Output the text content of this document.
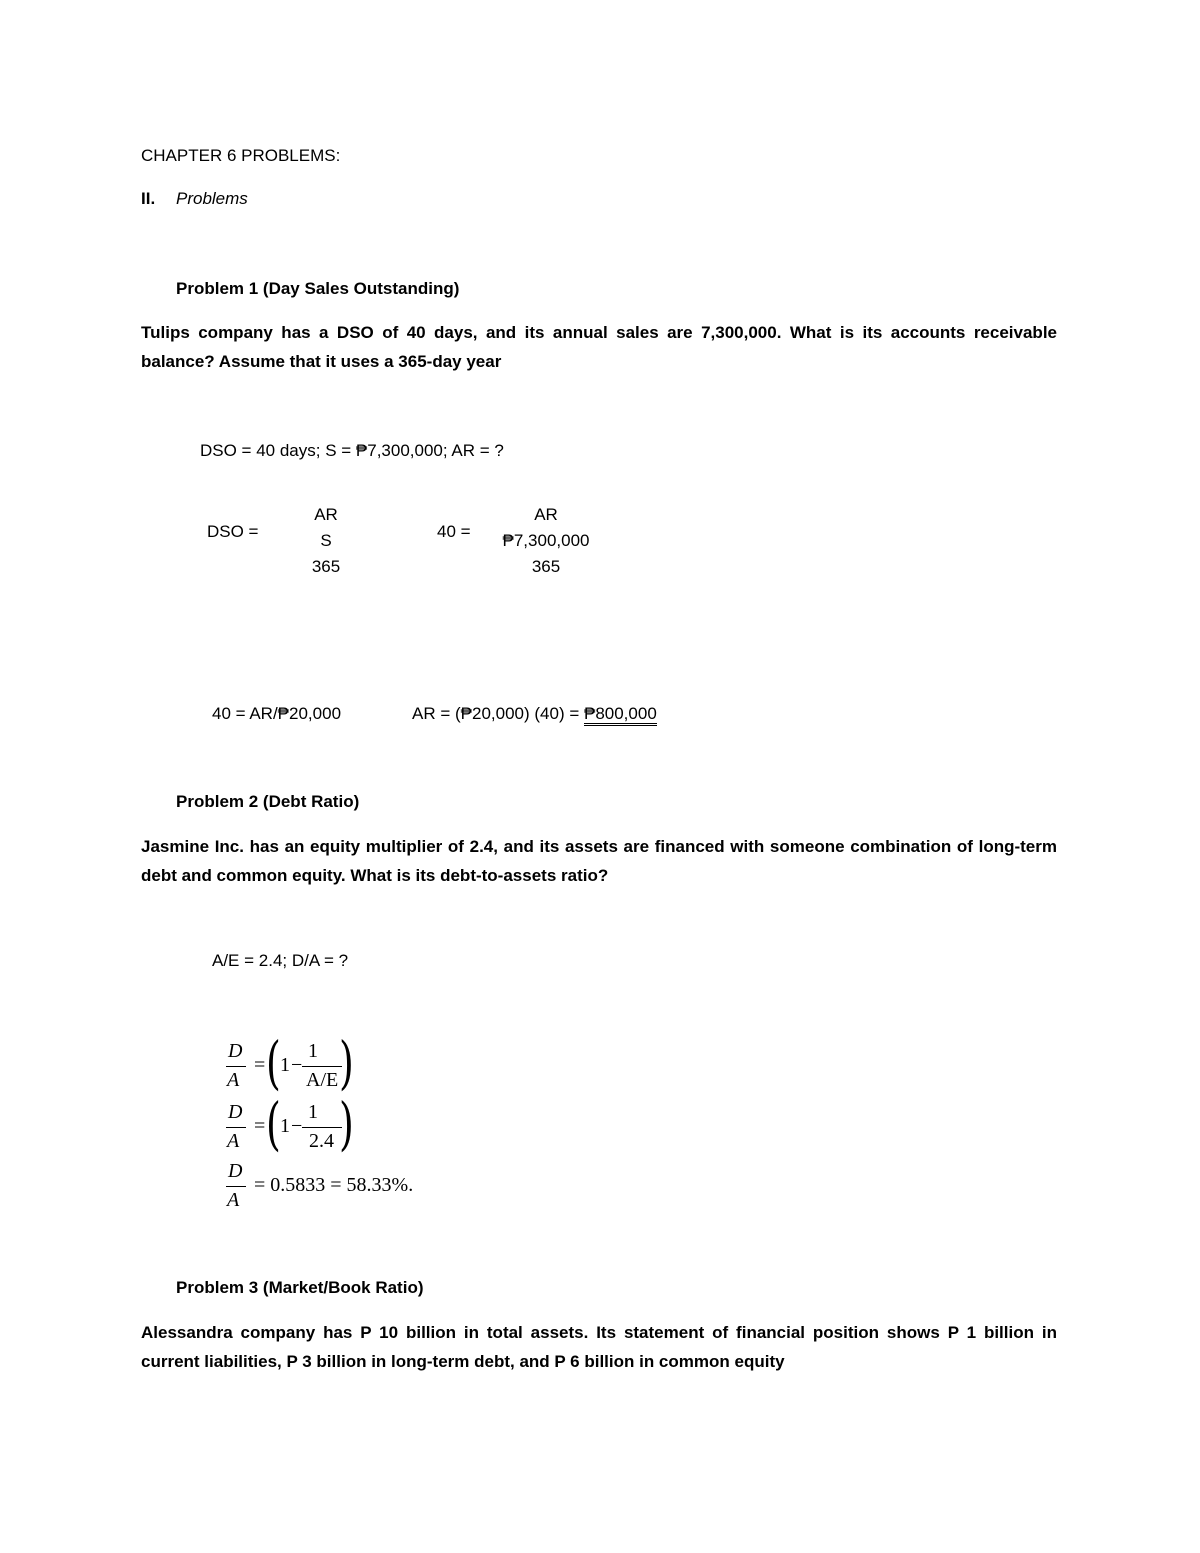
CHAPTER 6 PROBLEMS:
II. Problems
Problem 1 (Day Sales Outstanding)
Tulips company has a DSO of 40 days, and its annual sales are 7,300,000. What is its accounts receivable balance? Assume that it uses a 365-day year
DSO = 40 days; S = ₱7,300,000; AR = ?
DSO =
AR
S
365
40 =
AR
₱7,300,000
365
40 = AR/₱20,000	AR = (₱20,000) (40) = ₱800,000
Problem 2 (Debt Ratio)
Jasmine Inc. has an equity multiplier of 2.4, and its assets are financed with someone combination of long-term debt and common equity. What is its debt-to-assets ratio?
A/E = 2.4; D/A = ?
D
A
= ( 1 −
1
A/E )
D
A
= ( 1 −
1
2.4 )
D
A
= 0.5833 = 58.33%.
Problem 3 (Market/Book Ratio)
Alessandra company has P 10 billion in total assets. Its statement of financial position shows P 1 billion in current liabilities, P 3 billion in long-term debt, and P 6 billion in common equity
